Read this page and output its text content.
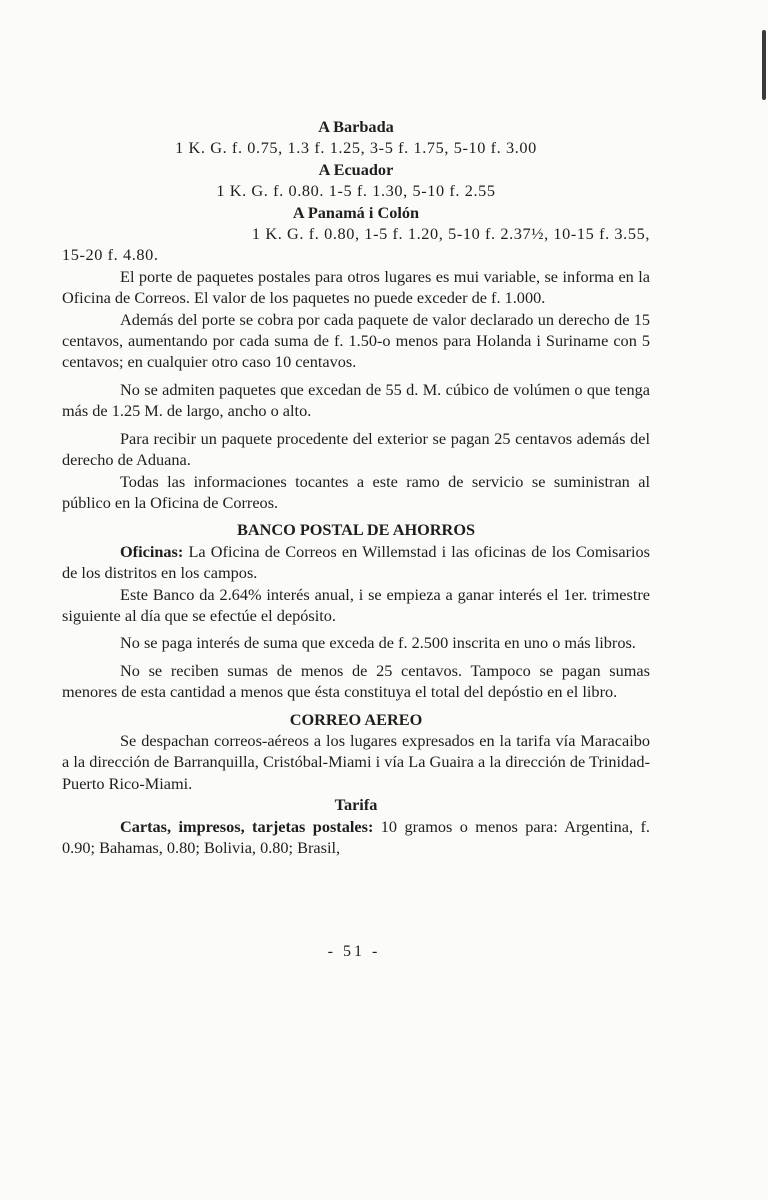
A Barbada

1 K. G. f. 0.75, 1.3 f. 1.25, 3-5 f. 1.75, 5-10 f. 3.00

A Ecuador

1 K. G. f. 0.80. 1-5 f. 1.30, 5-10 f. 2.55

A Panamá i Colón

1 K. G. f. 0.80, 1-5 f. 1.20, 5-10 f. 2.37½, 10-15 f. 3.55,

15-20 f. 4.80.

El porte de paquetes postales para otros lugares es mui variable, se informa en la Oficina de Correos. El valor de los paquetes no puede exceder de f. 1.000.

Además del porte se cobra por cada paquete de valor declarado un derecho de 15 centavos, aumentando por cada suma de f. 1.50-o menos para Holanda i Suriname con 5 centavos; en cualquier otro caso 10 centavos.

No se admiten paquetes que excedan de 55 d. M. cúbico de volúmen o que tenga más de 1.25 M. de largo, ancho o alto.

Para recibir un paquete procedente del exterior se pagan 25 centavos además del derecho de Aduana.

Todas las informaciones tocantes a este ramo de servicio se suministran al público en la Oficina de Correos.

BANCO POSTAL DE AHORROS

Oficinas: La Oficina de Correos en Willemstad i las oficinas de los Comisarios de los distritos en los campos.

Este Banco da 2.64% interés anual, i se empieza a ganar interés el 1er. trimestre siguiente al día que se efectúe el depósito.

No se paga interés de suma que exceda de f. 2.500 inscrita en uno o más libros.

No se reciben sumas de menos de 25 centavos. Tampoco se pagan sumas menores de esta cantidad a menos que ésta constituya el total del depóstio en el libro.

CORREO AEREO

Se despachan correos-aéreos a los lugares expresados en la tarifa vía Maracaibo a la dirección de Barranquilla, Cristóbal-Miami i vía La Guaira a la dirección de Trinidad-Puerto Rico-Miami.

Tarifa

Cartas, impresos, tarjetas postales: 10 gramos o menos para: Argentina, f. 0.90; Bahamas, 0.80; Bolivia, 0.80; Brasil,

- 51 -
